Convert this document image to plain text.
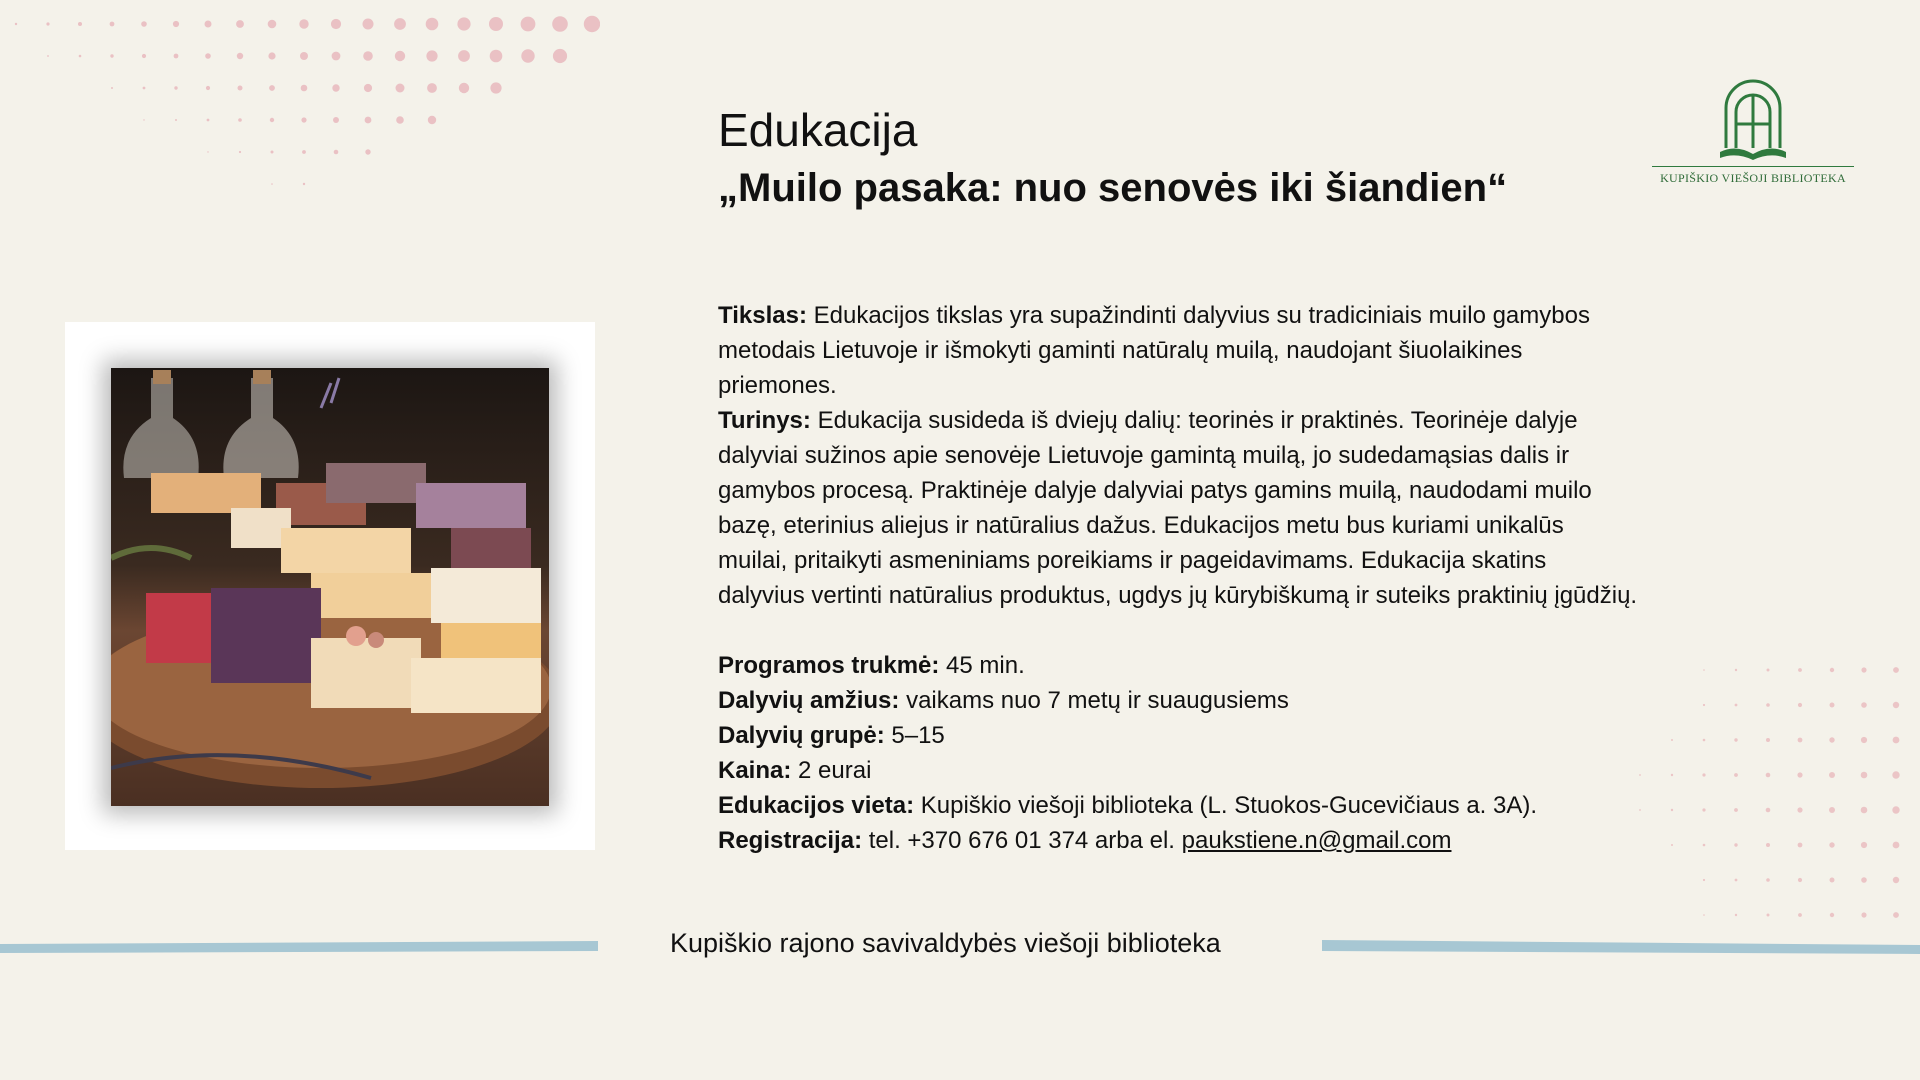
Edukacija
„Muilo pasaka: nuo senovės iki šiandien“	KUPIŠKIO VIEŠOJI BIBLIOTEKA

Tikslas: Edukacijos tikslas yra supažindinti dalyvius su tradiciniais muilo gamybos metodais Lietuvoje ir išmokyti gaminti natūralų muilą, naudojant šiuolaikines priemones.

Turinys: Edukacija susideda iš dviejų dalių: teorinės ir praktinės. Teorinėje dalyje dalyviai sužinos apie senovėje Lietuvoje gamintą muilą, jo sudedamąsias dalis ir gamybos procesą. Praktinėje dalyje dalyviai patys gamins muilą, naudodami muilo bazę, eterinius aliejus ir natūralius dažus. Edukacijos metu bus kuriami unikalūs muilai, pritaikyti asmeniniams poreikiams ir pageidavimams. Edukacija skatins dalyvius vertinti natūralius produktus, ugdys jų kūrybiškumą ir suteiks praktinių įgūdžių.

Programos trukmė: 45 min.

Dalyvių amžius: vaikams nuo 7 metų ir suaugusiems

Dalyvių grupė: 5–15

Kaina: 2 eurai

Edukacijos vieta: Kupiškio viešoji biblioteka (L. Stuokos-Gucevičiaus a. 3A).

Registracija: tel. +370 676 01 374 arba el. paukstiene.n@gmail.com

Kupiškio rajono savivaldybės viešoji biblioteka
